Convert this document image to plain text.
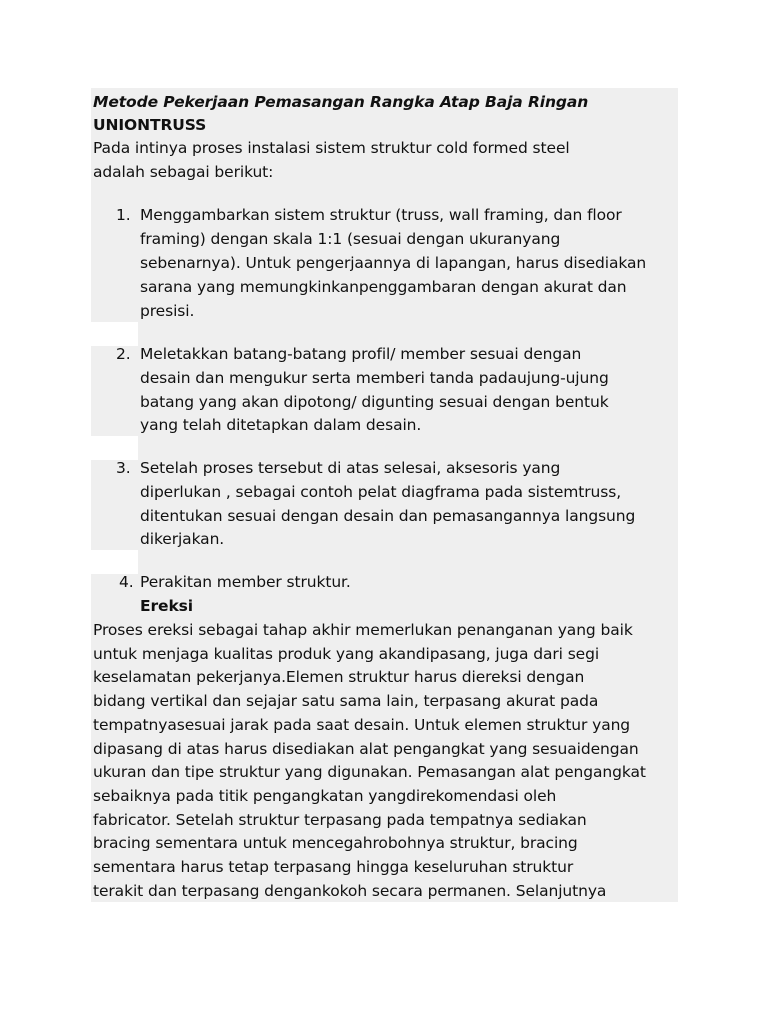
Metode Pekerjaan Pemasangan Rangka Atap Baja Ringan
UNIONTRUSS
Pada intinya proses instalasi sistem struktur cold formed steel
adalah sebagai berikut:
1. Menggambarkan sistem struktur (truss, wall framing, dan floor
framing) dengan skala 1:1 (sesuai dengan ukuranyang
sebenarnya). Untuk pengerjaannya di lapangan, harus disediakan
sarana yang memungkinkanpenggambaran dengan akurat dan
presisi.
2. Meletakkan batang-batang profil/ member sesuai dengan
desain dan mengukur serta memberi tanda padaujung-ujung
batang yang akan dipotong/ digunting sesuai dengan bentuk
yang telah ditetapkan dalam desain.
3. Setelah proses tersebut di atas selesai, aksesoris yang
diperlukan , sebagai contoh pelat diagframa pada sistemtruss,
ditentukan sesuai dengan desain dan pemasangannya langsung
dikerjakan.
4. Perakitan member struktur.
Ereksi
Proses ereksi sebagai tahap akhir memerlukan penanganan yang baik
untuk menjaga kualitas produk yang akandipasang, juga dari segi
keselamatan pekerjanya.Elemen struktur harus diereksi dengan
bidang vertikal dan sejajar satu sama lain, terpasang akurat pada
tempatnyasesuai jarak pada saat desain. Untuk elemen struktur yang
dipasang di atas harus disediakan alat pengangkat yang sesuaidengan
ukuran dan tipe struktur yang digunakan. Pemasangan alat pengangkat
sebaiknya pada titik pengangkatan yangdirekomendasi oleh
fabricator. Setelah struktur terpasang pada tempatnya sediakan
bracing sementara untuk mencegahrobohnya struktur, bracing
sementara harus tetap terpasang hingga keseluruhan struktur
terakit dan terpasang dengankokoh secara permanen. Selanjutnya
